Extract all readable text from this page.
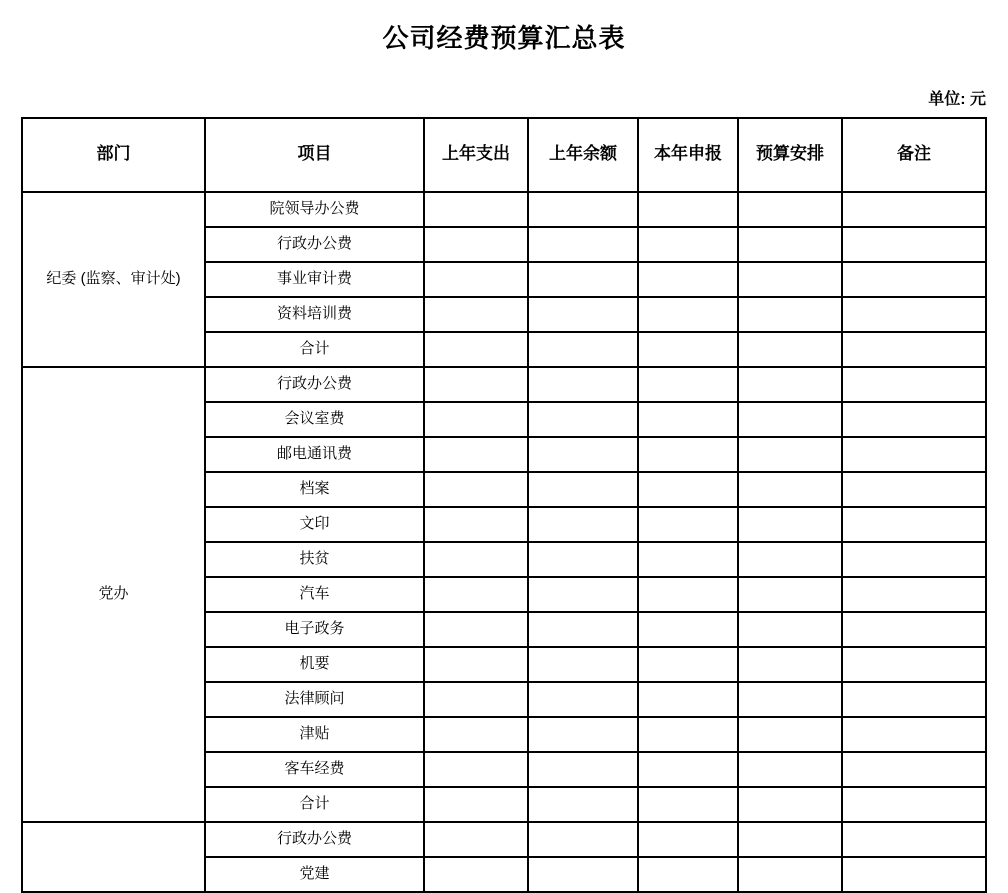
公司经费预算汇总表
单位: 元
部门	项目	上年支出	上年余额	本年申报	预算安排	备注
纪委 (监察、审计处)	院领导办公费					
	行政办公费					
	事业审计费					
	资料培训费					
	合计					
党办	行政办公费					
	会议室费					
	邮电通讯费					
	档案					
	文印					
	扶贫					
	汽车					
	电子政务					
	机要					
	法律顾问					
	津贴					
	客车经费					
	合计					
	行政办公费					
	党建					
